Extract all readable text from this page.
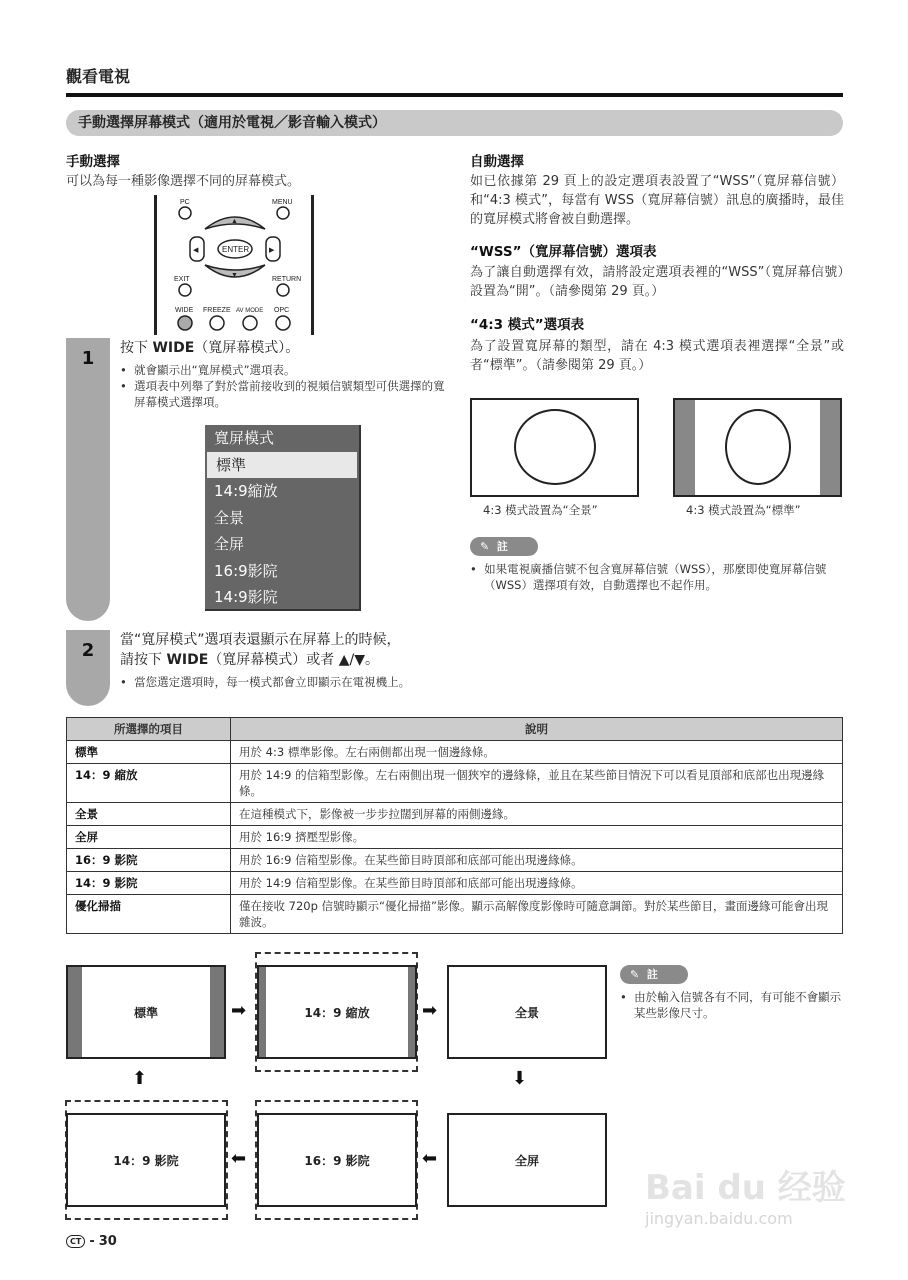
觀看電視
手動選擇屏幕模式（適用於電視／影音輸入模式）
手動選擇
可以為每一種影像選擇不同的屏幕模式。
PC	MENU
▲
▼
◀	▶
ENTER
EXIT	RETURN
WIDE FREEZE AV MODE OPC
1	按下 WIDE（寬屏幕模式）。
•  就會顯示出“寬屏模式”選項表。
•  選項表中列舉了對於當前接收到的視頻信號類型可供選擇的寬屏幕模式選擇項。
寬屏模式
標準
14:9縮放
全景
全屏
16:9影院
14:9影院
2	當“寬屏模式”選項表還顯示在屏幕上的時候，
請按下 WIDE（寬屏幕模式）或者 ▲/▼。
•  當您選定選項時，每一模式都會立即顯示在電視機上。
自動選擇
如已依據第 29 頁上的設定選項表設置了“WSS”（寬屏幕信號）和“4:3 模式”，每當有 WSS（寬屏幕信號）訊息的廣播時，最佳的寬屏模式將會被自動選擇。
“WSS”（寬屏幕信號）選項表
為了讓自動選擇有效，請將設定選項表裡的“WSS”（寬屏幕信號）設置為“開”。（請參閱第 29 頁。）
“4:3 模式”選項表
為了設置寬屏幕的類型，請在 4:3 模式選項表裡選擇“全景”或者“標準”。（請參閱第 29 頁。）
4:3 模式設置為“全景”	4:3 模式設置為“標準”
✎ 註
•  如果電視廣播信號不包含寬屏幕信號（WSS），那麼即使寬屏幕信號（WSS）選擇項有效，自動選擇也不起作用。
所選擇的項目	說明
標準	用於 4:3 標準影像。左右兩側都出現一個邊緣條。
14：9 縮放	用於 14:9 的信箱型影像。左右兩側出現一個狹窄的邊緣條，並且在某些節目情況下可以看見頂部和底部也出現邊緣條。
全景	在這種模式下，影像被一步步拉闊到屏幕的兩側邊緣。
全屏	用於 16:9 擠壓型影像。
16：9 影院	用於 16:9 信箱型影像。在某些節目時頂部和底部可能出現邊緣條。
14：9 影院	用於 14:9 信箱型影像。在某些節目時頂部和底部可能出現邊緣條。
優化掃描	僅在接收 720p 信號時顯示“優化掃描”影像。顯示高解像度影像時可隨意調節。對於某些節目，畫面邊緣可能會出現雜波。
標準	➡	14：9 縮放	➡	全景
⬇
全屏
⬅
16：9 影院
⬅
14：9 影院
⬆
✎ 註
•  由於輸入信號各有不同，有可能不會顯示某些影像尺寸。
CT - 30
Bai du 经验
jingyan.baidu.com
